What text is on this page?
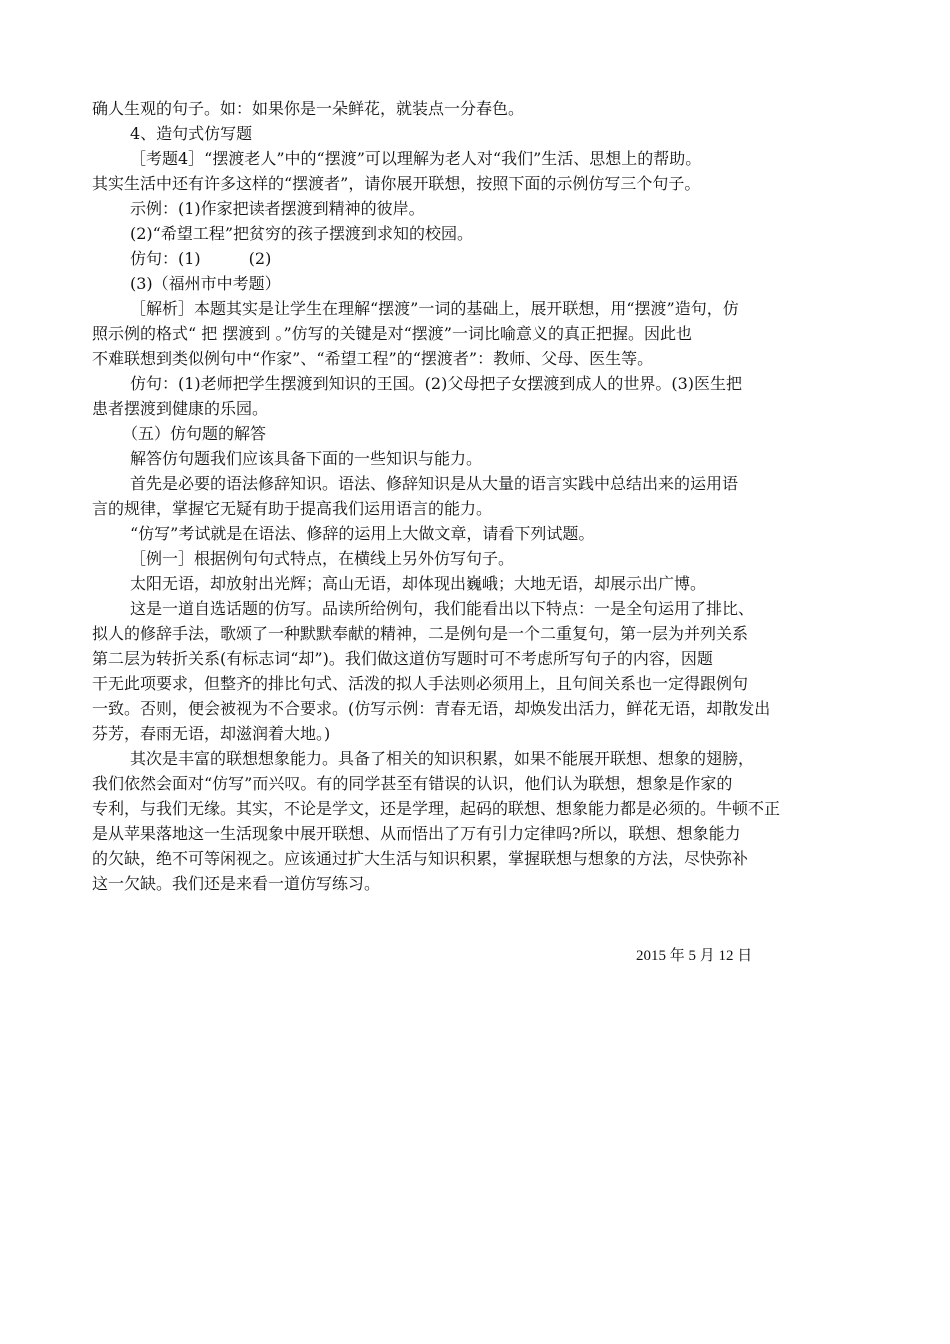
确人生观的句子。如：如果你是一朵鲜花，就装点一分春色。
4、造句式仿写题
［考题4］“摆渡老人”中的“摆渡”可以理解为老人对“我们”生活、思想上的帮助。
其实生活中还有许多这样的“摆渡者”，请你展开联想，按照下面的示例仿写三个句子。
示例：(1)作家把读者摆渡到精神的彼岸。
(2)“希望工程”把贫穷的孩子摆渡到求知的校园。
仿句：(1)　　　(2)
(3)（福州市中考题）
［解析］本题其实是让学生在理解“摆渡”一词的基础上，展开联想，用“摆渡”造句，仿
照示例的格式“ 把 摆渡到 。”仿写的关键是对“摆渡”一词比喻意义的真正把握。因此也
不难联想到类似例句中“作家”、“希望工程”的“摆渡者”：教师、父母、医生等。
仿句：(1)老师把学生摆渡到知识的王国。(2)父母把子女摆渡到成人的世界。(3)医生把
患者摆渡到健康的乐园。
（五）仿句题的解答
解答仿句题我们应该具备下面的一些知识与能力。
首先是必要的语法修辞知识。语法、修辞知识是从大量的语言实践中总结出来的运用语
言的规律，掌握它无疑有助于提高我们运用语言的能力。
“仿写”考试就是在语法、修辞的运用上大做文章，请看下列试题。
［例一］根据例句句式特点，在横线上另外仿写句子。
太阳无语，却放射出光辉；高山无语，却体现出巍峨；大地无语，却展示出广博。
这是一道自选话题的仿写。品读所给例句，我们能看出以下特点：一是全句运用了排比、
拟人的修辞手法，歌颂了一种默默奉献的精神，二是例句是一个二重复句，第一层为并列关系
第二层为转折关系(有标志词“却”)。我们做这道仿写题时可不考虑所写句子的内容，因题
干无此项要求，但整齐的排比句式、活泼的拟人手法则必须用上，且句间关系也一定得跟例句
一致。否则，便会被视为不合要求。(仿写示例：青春无语，却焕发出活力，鲜花无语，却散发出
芬芳，春雨无语，却滋润着大地。)
其次是丰富的联想想象能力。具备了相关的知识积累，如果不能展开联想、想象的翅膀，
我们依然会面对“仿写”而兴叹。有的同学甚至有错误的认识，他们认为联想，想象是作家的
专利，与我们无缘。其实，不论是学文，还是学理，起码的联想、想象能力都是必须的。牛顿不正
是从苹果落地这一生活现象中展开联想、从而悟出了万有引力定律吗?所以，联想、想象能力
的欠缺，绝不可等闲视之。应该通过扩大生活与知识积累，掌握联想与想象的方法，尽快弥补
这一欠缺。我们还是来看一道仿写练习。
2015 年 5 月 12 日
